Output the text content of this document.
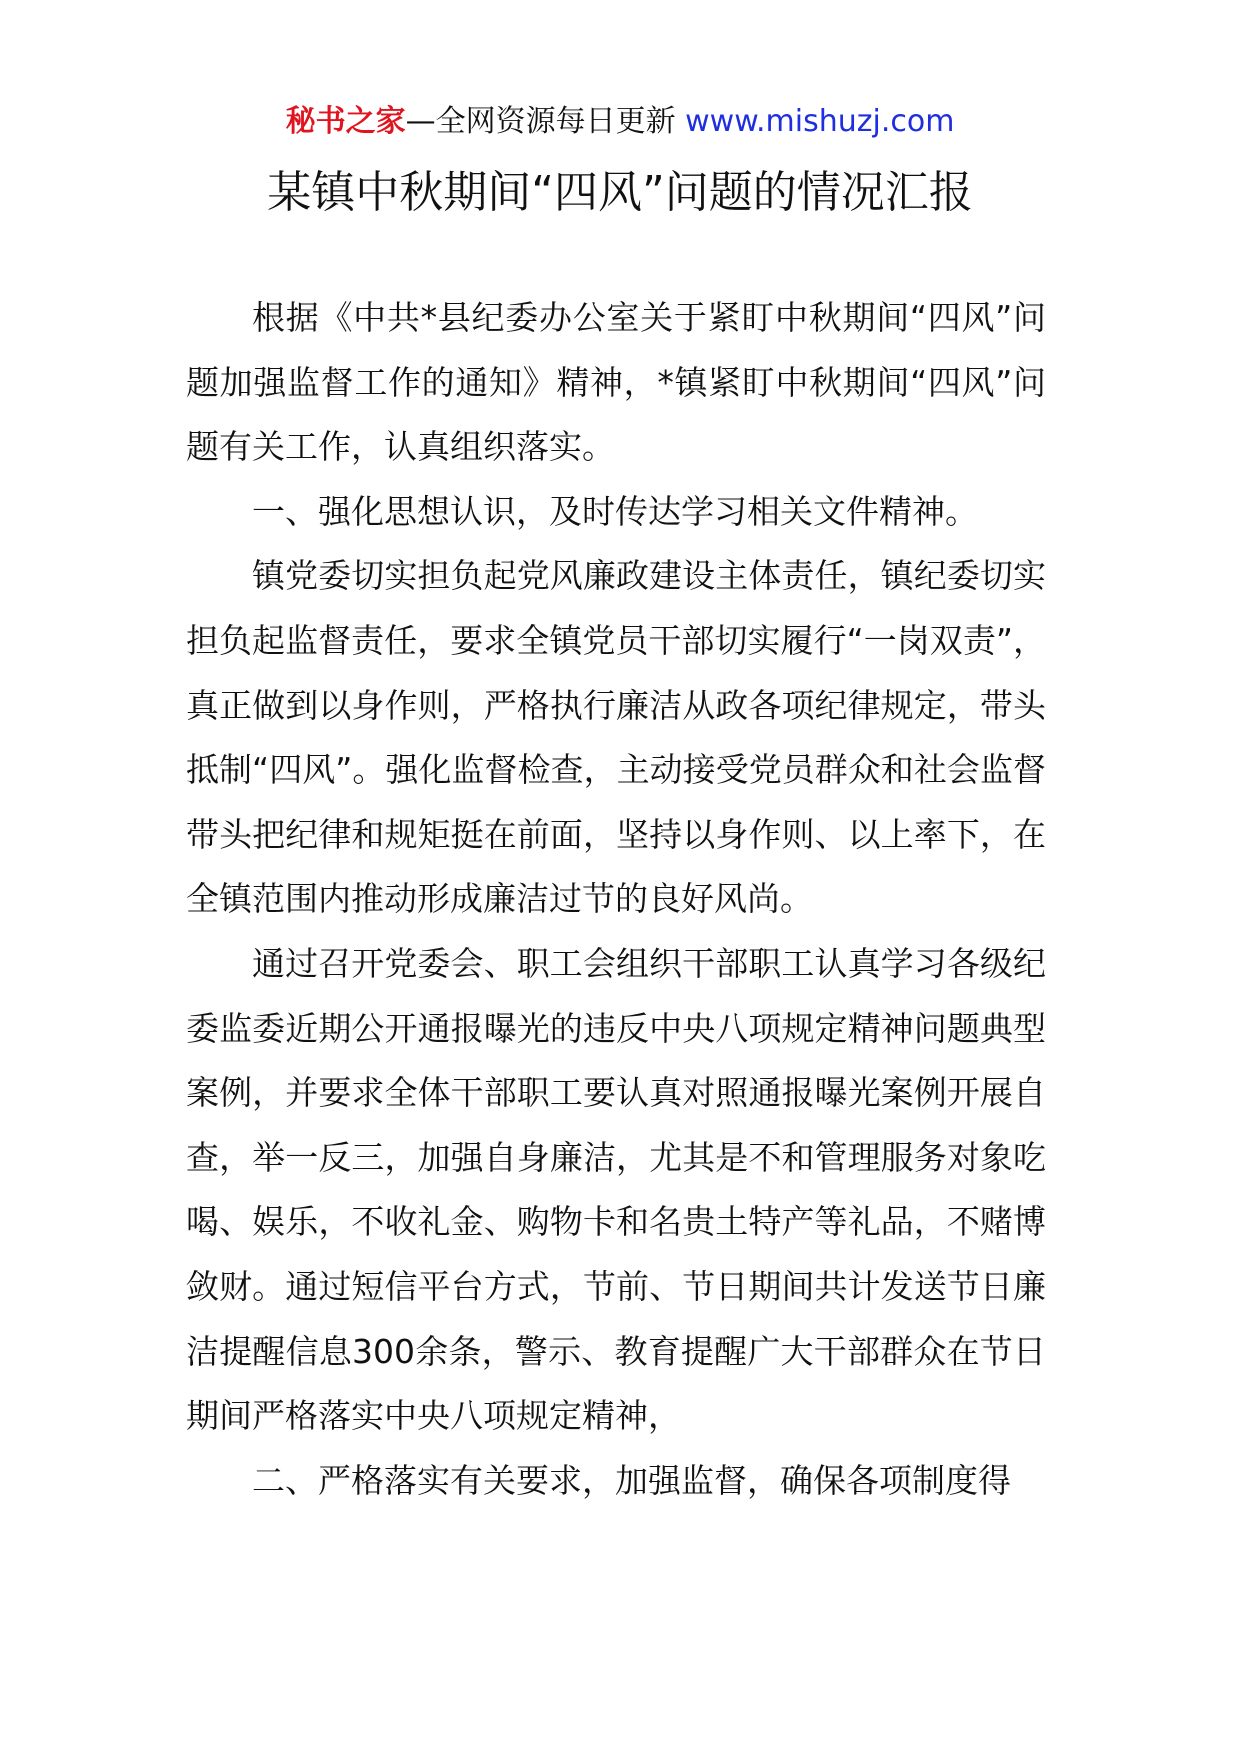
秘书之家—全网资源每日更新 www.mishuzj.com
某镇中秋期间“四风”问题的情况汇报

根据《中共*县纪委办公室关于紧盯中秋期间“四风”问题加强监督工作的通知》精神，*镇紧盯中秋期间“四风”问题有关工作，认真组织落实。

一、强化思想认识，及时传达学习相关文件精神。

镇党委切实担负起党风廉政建设主体责任，镇纪委切实担负起监督责任，要求全镇党员干部切实履行“一岗双责”，真正做到以身作则，严格执行廉洁从政各项纪律规定，带头抵制“四风”。强化监督检查，主动接受党员群众和社会监督带头把纪律和规矩挺在前面，坚持以身作则、以上率下，在全镇范围内推动形成廉洁过节的良好风尚。

通过召开党委会、职工会组织干部职工认真学习各级纪委监委近期公开通报曝光的违反中央八项规定精神问题典型案例，并要求全体干部职工要认真对照通报曝光案例开展自查，举一反三，加强自身廉洁，尤其是不和管理服务对象吃喝、娱乐，不收礼金、购物卡和名贵土特产等礼品，不赌博敛财。通过短信平台方式，节前、节日期间共计发送节日廉洁提醒信息300余条，警示、教育提醒广大干部群众在节日期间严格落实中央八项规定精神，

二、严格落实有关要求，加强监督，确保各项制度得
